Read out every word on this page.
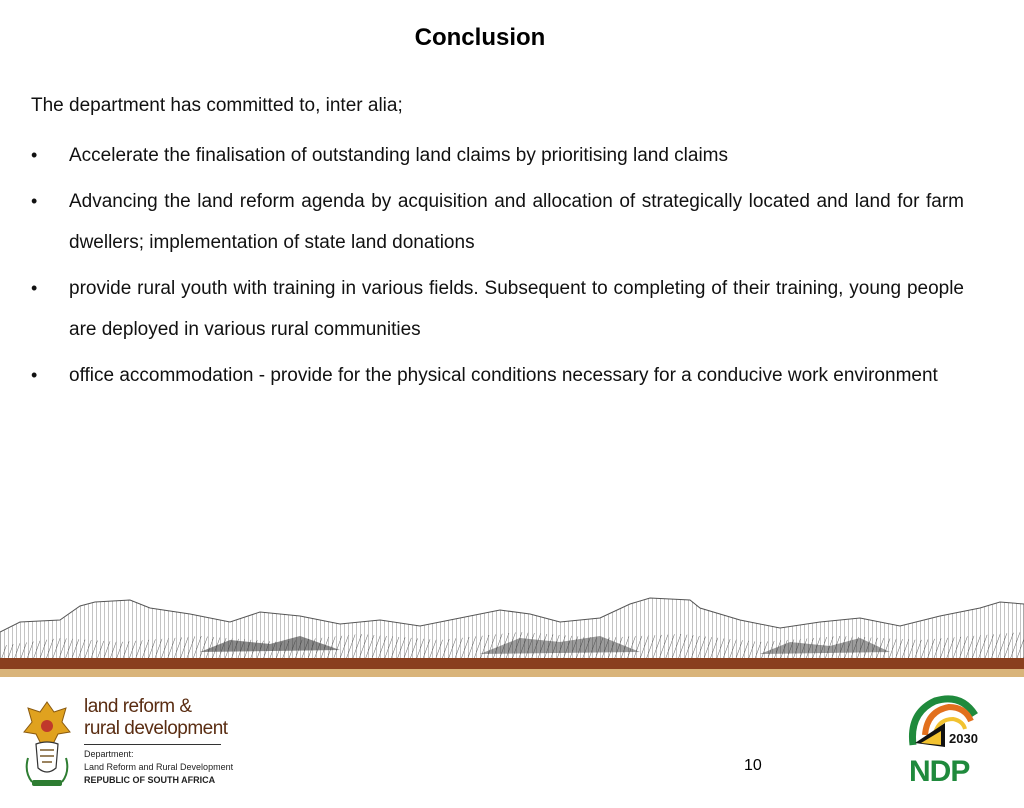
Conclusion
The department has committed to, inter alia;
•	Accelerate the finalisation of outstanding land claims by prioritising land claims
•	Advancing the land reform agenda by acquisition and allocation of strategically located and land for farm dwellers; implementation of state land donations
•	provide rural youth with training in various fields. Subsequent to completing of their training, young people are deployed in various rural communities
•	office accommodation - provide for the physical conditions necessary for a conducive work environment
land reform &
rural development
Department:
Land Reform and Rural Development
REPUBLIC OF SOUTH AFRICA
10
2030
NDP
